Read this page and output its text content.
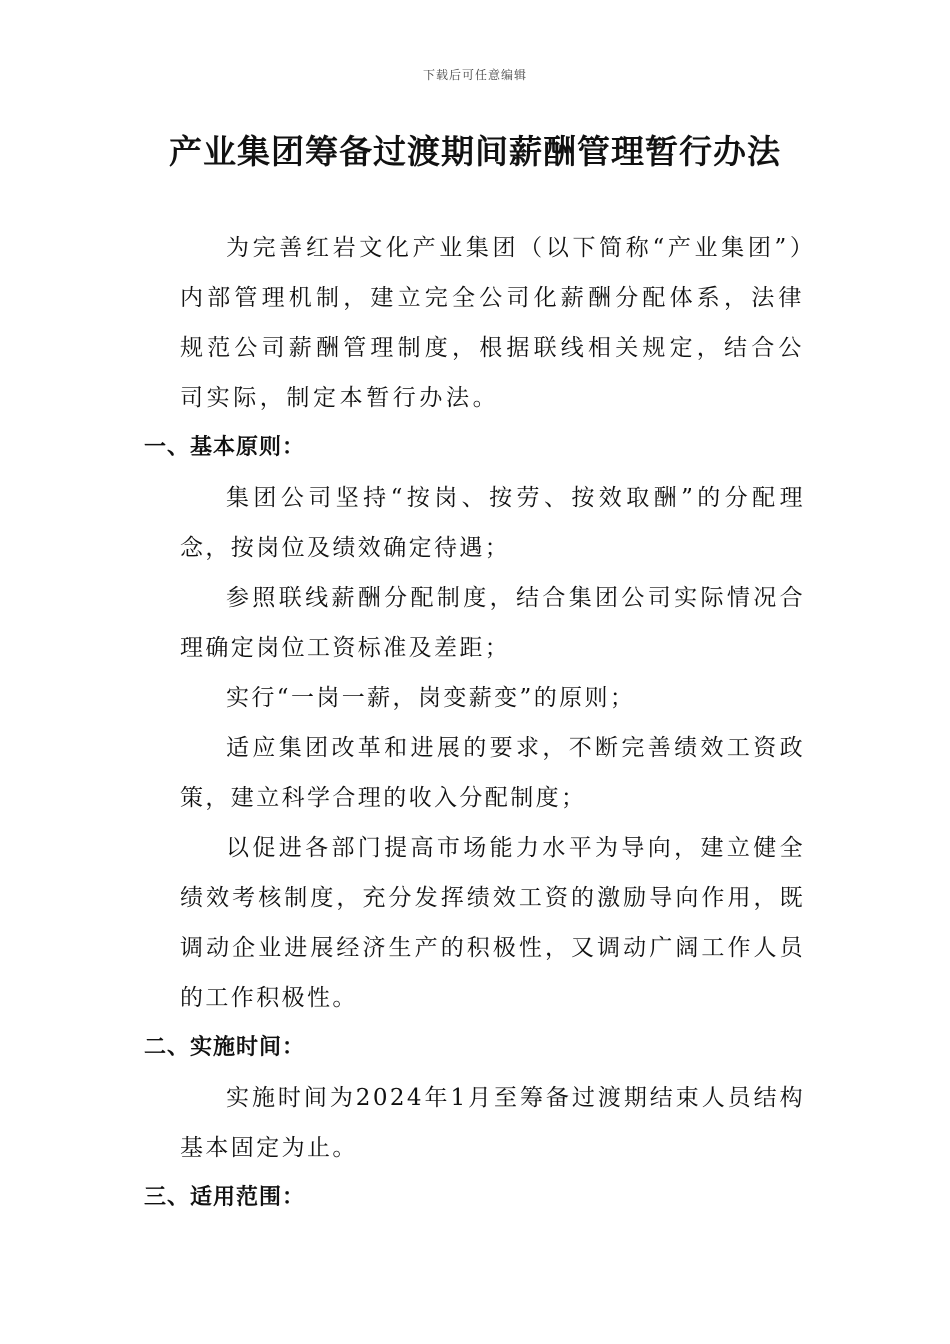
下载后可任意编辑
产业集团筹备过渡期间薪酬管理暂行办法

为完善红岩文化产业集团（以下简称“产业集团”）内部管理机制，建立完全公司化薪酬分配体系，法律规范公司薪酬管理制度，根据联线相关规定，结合公司实际，制定本暂行办法。

一、基本原则：

集团公司坚持“按岗、按劳、按效取酬”的分配理念，按岗位及绩效确定待遇；

参照联线薪酬分配制度，结合集团公司实际情况合理确定岗位工资标准及差距；

实行“一岗一薪，岗变薪变”的原则；

适应集团改革和进展的要求，不断完善绩效工资政策，建立科学合理的收入分配制度；

以促进各部门提高市场能力水平为导向，建立健全绩效考核制度，充分发挥绩效工资的激励导向作用，既调动企业进展经济生产的积极性，又调动广阔工作人员的工作积极性。

二、实施时间：

实施时间为2024年1月至筹备过渡期结束人员结构基本固定为止。

三、适用范围：
